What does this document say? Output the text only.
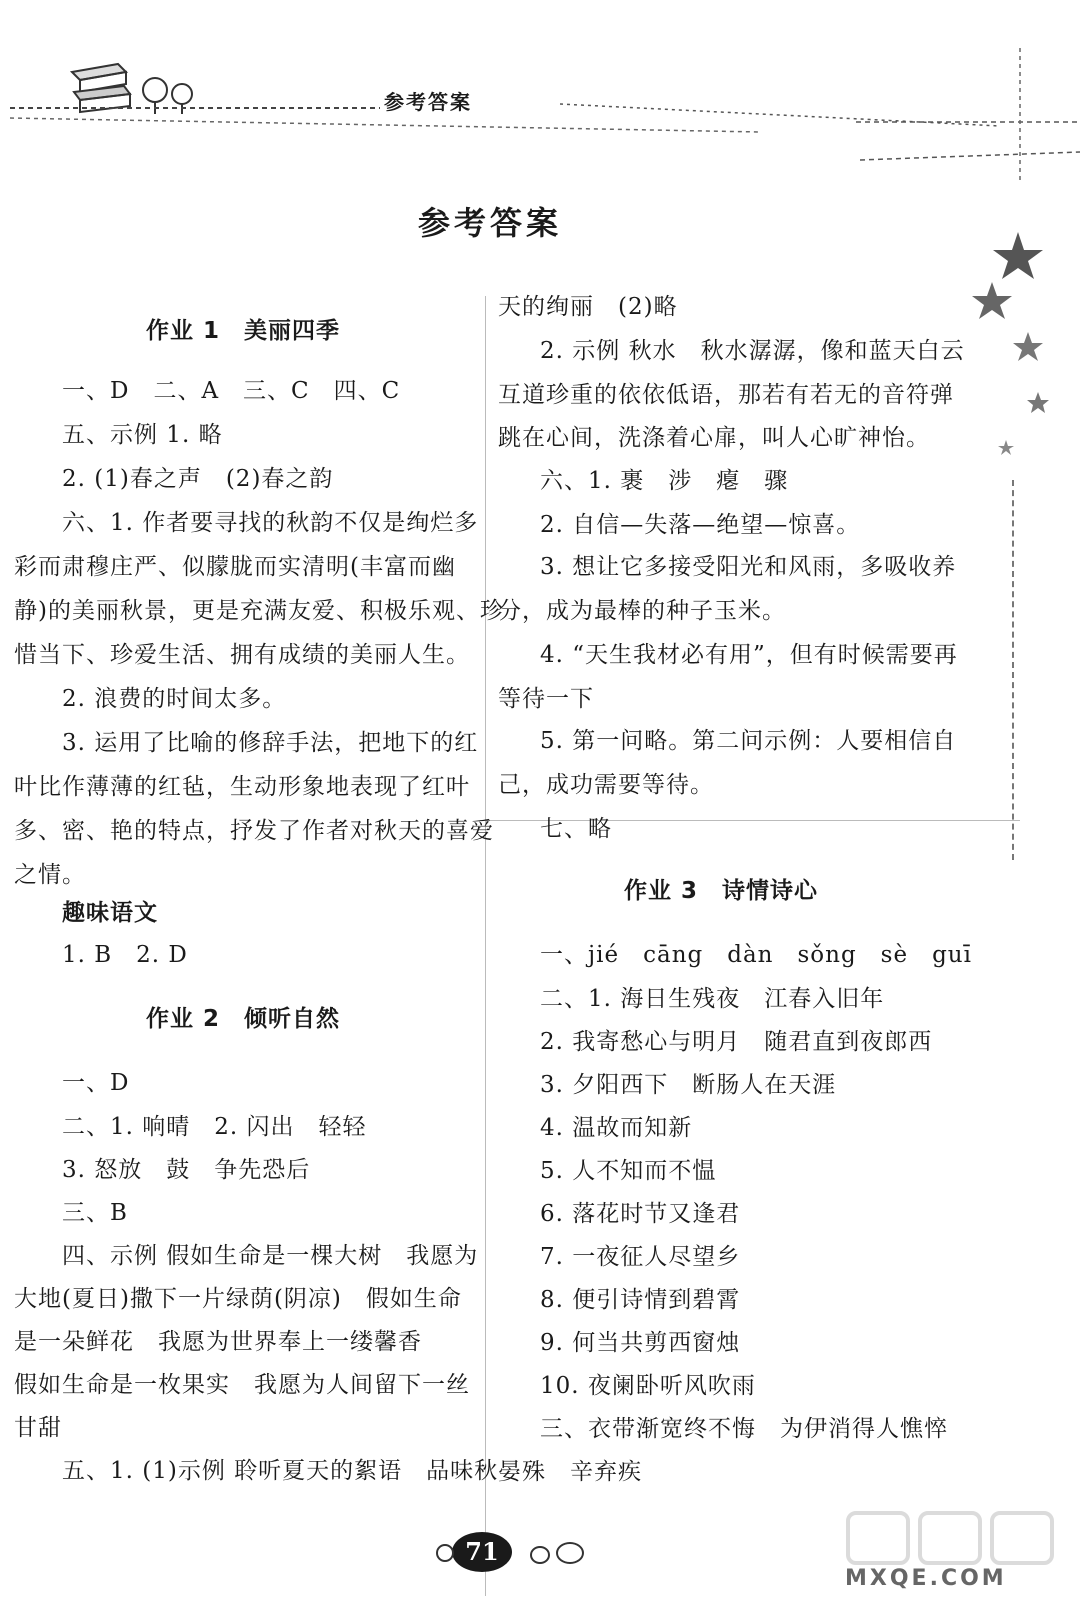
参考答案
参考答案
作业 1　美丽四季
一、D　二、A　三、C　四、C
五、示例 1. 略
2. (1)春之声　(2)春之韵
六、1. 作者要寻找的秋韵不仅是绚烂多
彩而肃穆庄严、似朦胧而实清明(丰富而幽
静)的美丽秋景，更是充满友爱、积极乐观、珍
惜当下、珍爱生活、拥有成绩的美丽人生。
2. 浪费的时间太多。
3. 运用了比喻的修辞手法，把地下的红
叶比作薄薄的红毡，生动形象地表现了红叶
多、密、艳的特点，抒发了作者对秋天的喜爱
之情。
趣味语文
1. B　2. D
作业 2　倾听自然
一、D
二、1. 响晴　2. 闪出　轻轻
3. 怒放　鼓　争先恐后
三、B
四、示例 假如生命是一棵大树　我愿为
大地(夏日)撒下一片绿荫(阴凉)　假如生命
是一朵鲜花　我愿为世界奉上一缕馨香
假如生命是一枚果实　我愿为人间留下一丝
甘甜
五、1. (1)示例 聆听夏天的絮语　品味秋
天的绚丽　(2)略
2. 示例 秋水　秋水潺潺，像和蓝天白云
互道珍重的依依低语，那若有若无的音符弹
跳在心间，洗涤着心扉，叫人心旷神怡。
六、1. 裹　涉　瘪　骤
2. 自信—失落—绝望—惊喜。
3. 想让它多接受阳光和风雨，多吸收养
分，成为最棒的种子玉米。
4. “天生我材必有用”，但有时候需要再
等待一下
5. 第一问略。第二问示例：人要相信自
己，成功需要等待。
七、略
作业 3　诗情诗心
一、jié　cāng　dàn　sǒng　sè　guī
二、1. 海日生残夜　江春入旧年
2. 我寄愁心与明月　随君直到夜郎西
3. 夕阳西下　断肠人在天涯
4. 温故而知新
5. 人不知而不愠
6. 落花时节又逢君
7. 一夜征人尽望乡
8. 便引诗情到碧霄
9. 何当共剪西窗烛
10. 夜阑卧听风吹雨
三、衣带渐宽终不悔　为伊消得人憔悴
晏殊　辛弃疾
71
MXQE.COM
